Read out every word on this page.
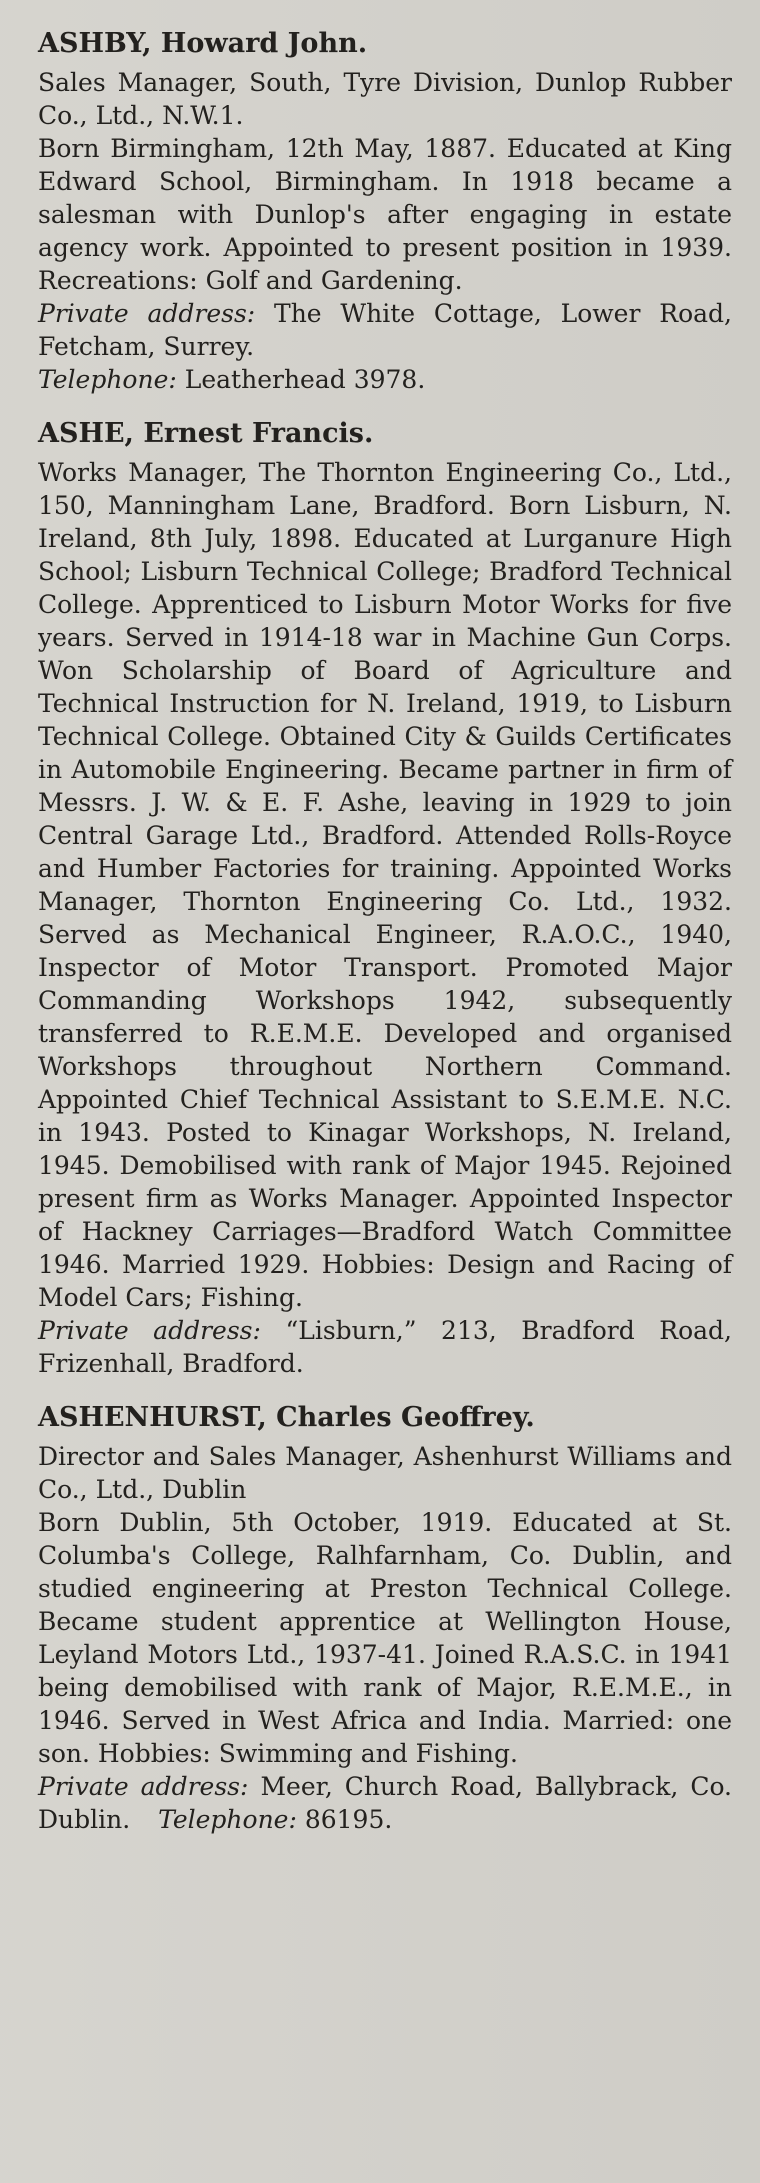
ASHBY, Howard John.

Sales Manager, South, Tyre Division, Dunlop Rubber Co., Ltd., N.W.1.

Born Birmingham, 12th May, 1887. Educated at King Edward School, Birmingham. In 1918 became a salesman with Dunlop's after engaging in estate agency work. Appointed to present position in 1939. Recreations: Golf and Gardening.

Private address: The White Cottage, Lower Road, Fetcham, Surrey.

Telephone: Leatherhead 3978.

ASHE, Ernest Francis.

Works Manager, The Thornton Engineering Co., Ltd., 150, Manningham Lane, Bradford. Born Lisburn, N. Ireland, 8th July, 1898. Educated at Lurganure High School; Lisburn Technical College; Bradford Technical College. Apprenticed to Lisburn Motor Works for five years. Served in 1914-18 war in Machine Gun Corps. Won Scholarship of Board of Agriculture and Technical Instruction for N. Ireland, 1919, to Lisburn Technical College. Obtained City & Guilds Certificates in Automobile Engineering. Became partner in firm of Messrs. J. W. & E. F. Ashe, leaving in 1929 to join Central Garage Ltd., Bradford. Attended Rolls-Royce and Humber Factories for training. Appointed Works Manager, Thornton Engineering Co. Ltd., 1932. Served as Mechanical Engineer, R.A.O.C., 1940, Inspector of Motor Transport. Promoted Major Commanding Workshops 1942, subsequently transferred to R.E.M.E. Developed and organised Workshops throughout Northern Command. Appointed Chief Technical Assistant to S.E.M.E. N.C. in 1943. Posted to Kinagar Workshops, N. Ireland, 1945. Demobilised with rank of Major 1945. Rejoined present firm as Works Manager. Appointed Inspector of Hackney Carriages—Bradford Watch Committee 1946. Married 1929. Hobbies: Design and Racing of Model Cars; Fishing.

Private address: “Lisburn,” 213, Bradford Road, Frizenhall, Bradford.

ASHENHURST, Charles Geoffrey.

Director and Sales Manager, Ashenhurst Williams and Co., Ltd., Dublin

Born Dublin, 5th October, 1919. Educated at St. Columba's College, Ralhfarnham, Co. Dublin, and studied engineering at Preston Technical College. Became student apprentice at Wellington House, Leyland Motors Ltd., 1937-41. Joined R.A.S.C. in 1941 being demobilised with rank of Major, R.E.M.E., in 1946. Served in West Africa and India. Married: one son. Hobbies: Swimming and Fishing.

Private address: Meer, Church Road, Ballybrack, Co. Dublin. Telephone: 86195.
